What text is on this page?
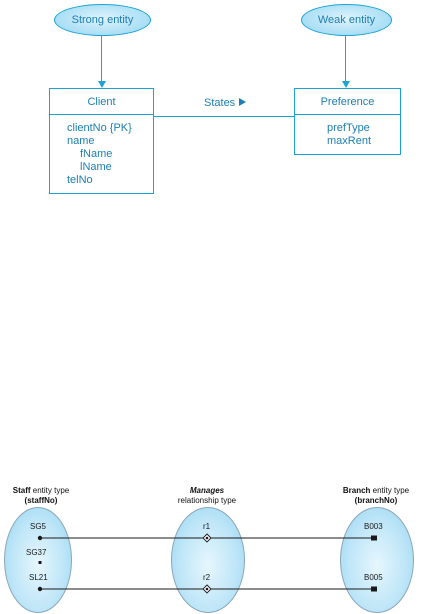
Strong entity	Weak entity
Client
clientNo {PK}
name
fName
lName
telNo
States	Preference
prefType
maxRent
Staff entity type
(staffNo)
Manages
relationship type
Branch entity type
(branchNo)
SG5
SG37
SL21
r1
r2
B003
B005
